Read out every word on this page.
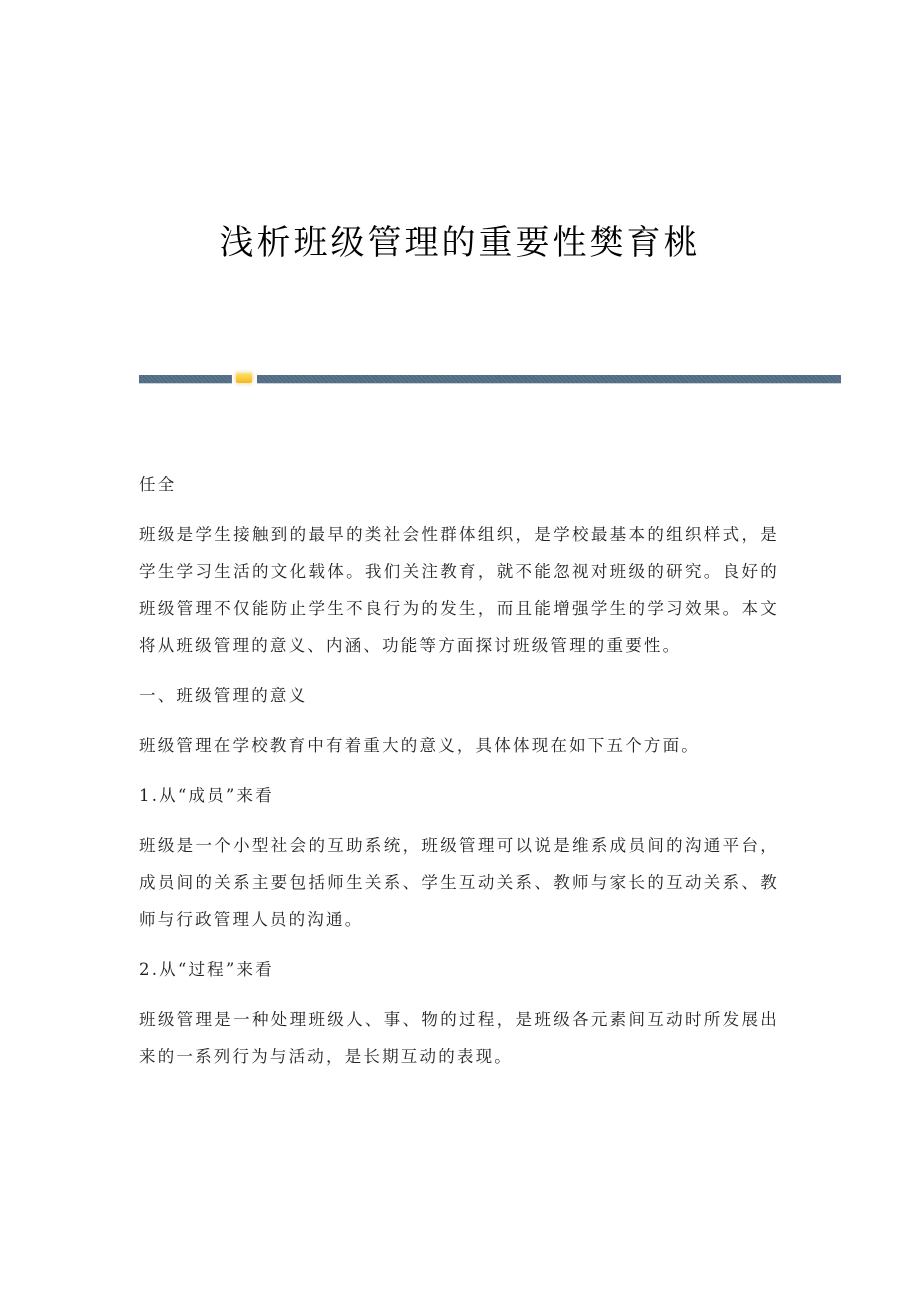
浅析班级管理的重要性樊育桃

任全

班级是学生接触到的最早的类社会性群体组织，是学校最基本的组织样式，是学生学习生活的文化载体。我们关注教育，就不能忽视对班级的研究。良好的班级管理不仅能防止学生不良行为的发生，而且能增强学生的学习效果。本文将从班级管理的意义、内涵、功能等方面探讨班级管理的重要性。

一、班级管理的意义

班级管理在学校教育中有着重大的意义，具体体现在如下五个方面。

1.从“成员”来看

班级是一个小型社会的互助系统，班级管理可以说是维系成员间的沟通平台，成员间的关系主要包括师生关系、学生互动关系、教师与家长的互动关系、教师与行政管理人员的沟通。

2.从“过程”来看

班级管理是一种处理班级人、事、物的过程，是班级各元素间互动时所发展出来的一系列行为与活动，是长期互动的表现。
